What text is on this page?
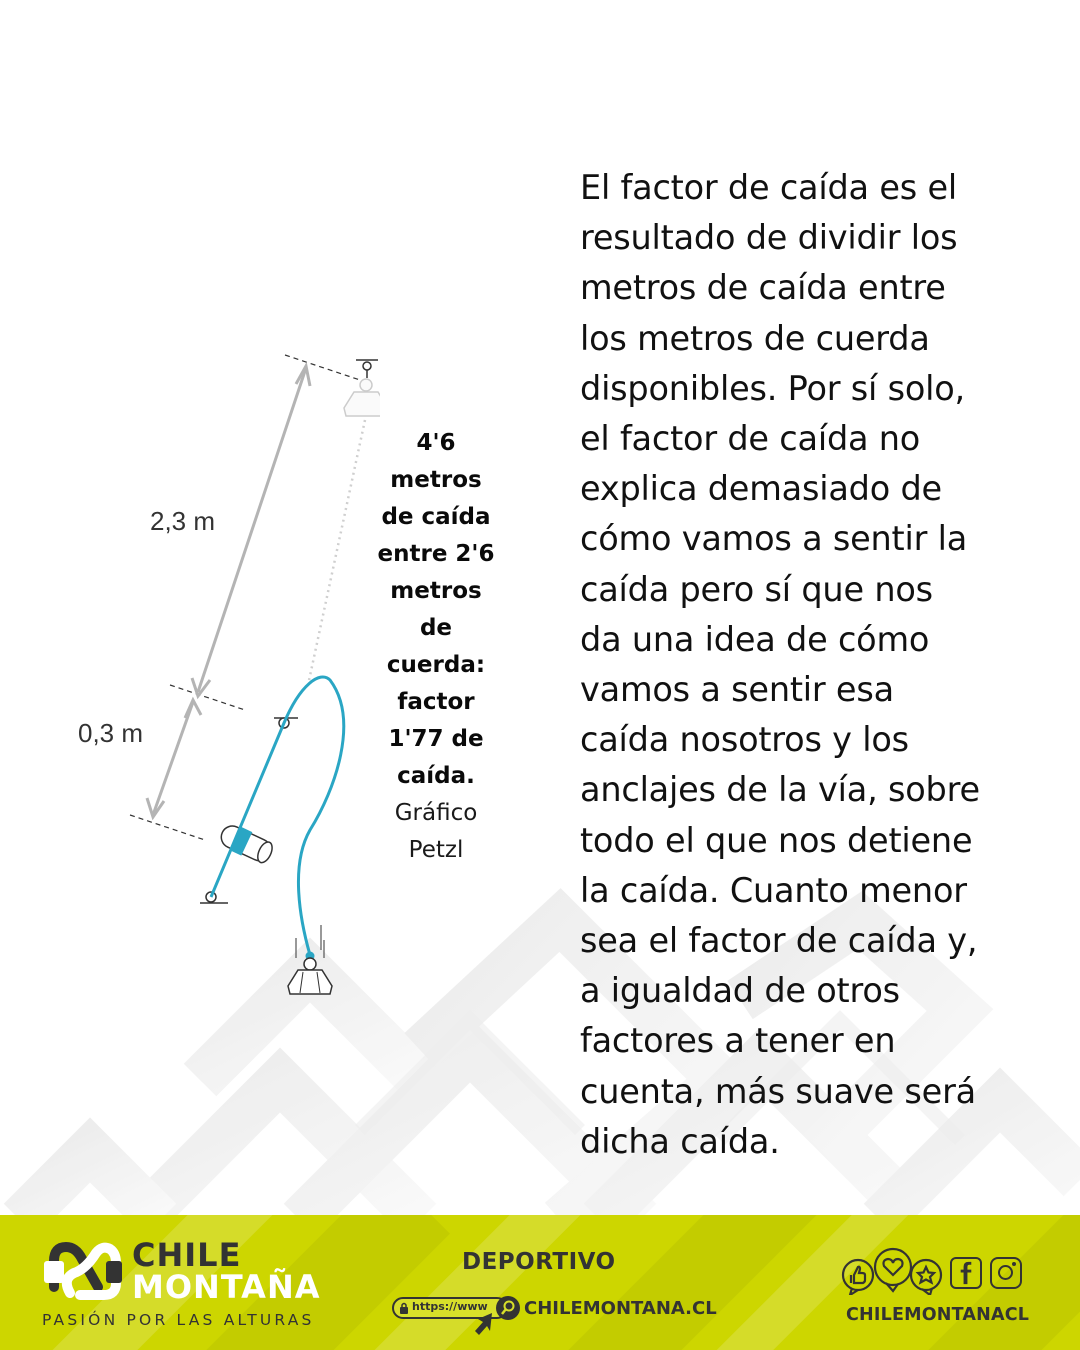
2,3 m
0,3 m
4'6
metros
de caída
entre 2'6
metros
de
cuerda:
factor
1'77 de
caída.
Gráfico
Petzl
El factor de caída es el
resultado de dividir los
metros de caída entre
los metros de cuerda
disponibles. Por sí solo,
el factor de caída no
explica demasiado de
cómo vamos a sentir la
caída pero sí que nos
da una idea de cómo
vamos a sentir esa
caída nosotros y los
anclajes de la vía, sobre
todo el que nos detiene
la caída. Cuanto menor
sea el factor de caída y,
a igualdad de otros
factores a tener en
cuenta, más suave será
dicha caída.
CHILE
MONTAÑA
PASIÓN POR LAS ALTURAS
DEPORTIVO
https://www CHILEMONTANA.CL	CHILEMONTANACL
